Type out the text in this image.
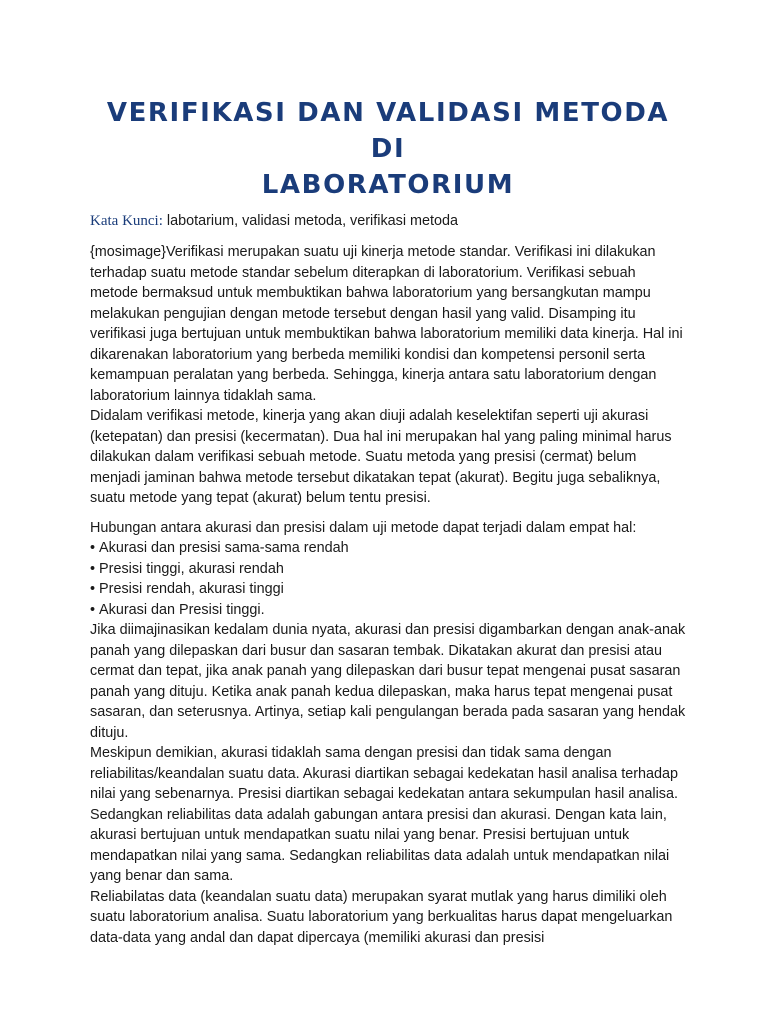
VERIFIKASI DAN VALIDASI METODA DI
LABORATORIUM
Kata Kunci: labotarium, validasi metoda, verifikasi metoda

{mosimage}Verifikasi merupakan suatu uji kinerja metode standar. Verifikasi ini dilakukan terhadap suatu metode standar sebelum diterapkan di laboratorium. Verifikasi sebuah metode bermaksud untuk membuktikan bahwa laboratorium yang bersangkutan mampu melakukan pengujian dengan metode tersebut dengan hasil yang valid. Disamping itu verifikasi juga bertujuan untuk membuktikan bahwa laboratorium memiliki data kinerja. Hal ini dikarenakan laboratorium yang berbeda memiliki kondisi dan kompetensi personil serta kemampuan peralatan yang berbeda. Sehingga, kinerja antara satu laboratorium dengan laboratorium lainnya tidaklah sama.

Didalam verifikasi metode, kinerja yang akan diuji adalah keselektifan seperti uji akurasi (ketepatan) dan presisi (kecermatan). Dua hal ini merupakan hal yang paling minimal harus dilakukan dalam verifikasi sebuah metode. Suatu metoda yang presisi (cermat) belum menjadi jaminan bahwa metode tersebut dikatakan tepat (akurat). Begitu juga sebaliknya, suatu metode yang tepat (akurat) belum tentu presisi.

Hubungan antara akurasi dan presisi dalam uji metode dapat terjadi dalam empat hal:

• Akurasi dan presisi sama-sama rendah
• Presisi tinggi, akurasi rendah
• Presisi rendah, akurasi tinggi
• Akurasi dan Presisi tinggi.

Jika diimajinasikan kedalam dunia nyata, akurasi dan presisi digambarkan dengan anak-anak panah yang dilepaskan dari busur dan sasaran tembak. Dikatakan akurat dan presisi atau cermat dan tepat, jika anak panah yang dilepaskan dari busur tepat mengenai pusat sasaran panah yang dituju. Ketika anak panah kedua dilepaskan, maka harus tepat mengenai pusat sasaran, dan seterusnya. Artinya, setiap kali pengulangan berada pada sasaran yang hendak dituju.

Meskipun demikian, akurasi tidaklah sama dengan presisi dan tidak sama dengan reliabilitas/keandalan suatu data. Akurasi diartikan sebagai kedekatan hasil analisa terhadap nilai yang sebenarnya. Presisi diartikan sebagai kedekatan antara sekumpulan hasil analisa. Sedangkan reliabilitas data adalah gabungan antara presisi dan akurasi. Dengan kata lain, akurasi bertujuan untuk mendapatkan suatu nilai yang benar. Presisi bertujuan untuk mendapatkan nilai yang sama. Sedangkan reliabilitas data adalah untuk mendapatkan nilai yang benar dan sama.

Reliabilatas data (keandalan suatu data) merupakan syarat mutlak yang harus dimiliki oleh suatu laboratorium analisa. Suatu laboratorium yang berkualitas harus dapat mengeluarkan data-data yang andal dan dapat dipercaya (memiliki akurasi dan presisi
